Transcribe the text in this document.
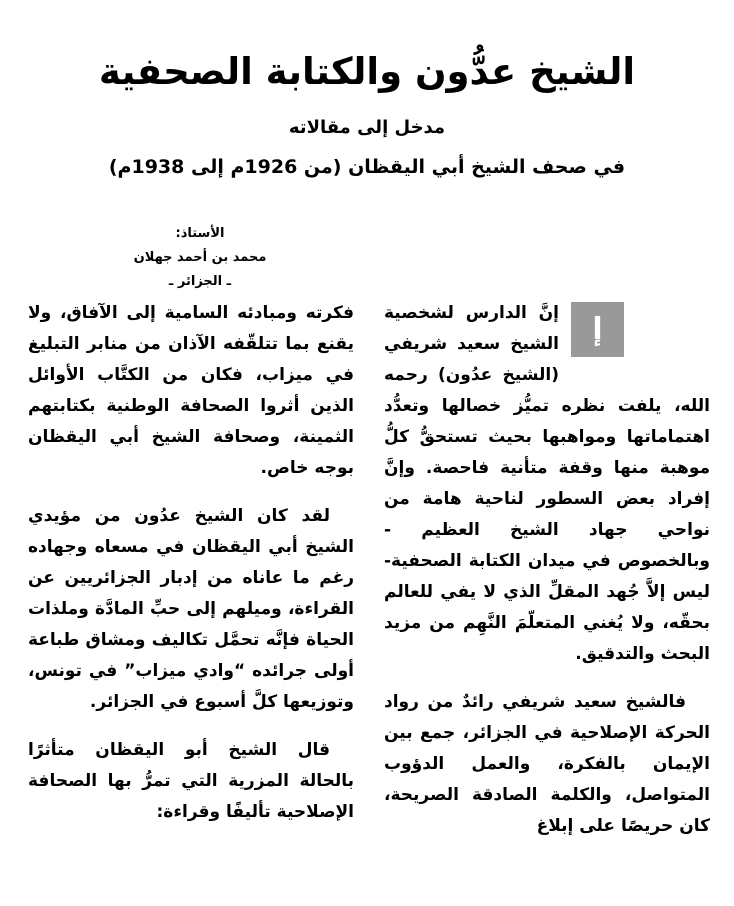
الشيخ عدُّون والكتابة الصحفية
مدخل إلى مقالاته
في صحف الشيخ أبي اليقظان (من 1926م إلى 1938م)
الأستاذ:
محمد بن أحمد جهلان
ـ الجزائر ـ

إ
إنَّ الدارس لشخصية الشيخ سعيد شريفي (الشيخ عدُون) رحمه الله، يلفت نظره تميُّز خصالها وتعدُّد اهتماماتها ومواهبها بحيث تستحقُّ كلُّ موهبة منها وقفة متأنية فاحصة. وإنَّ إفراد بعض السطور لناحية هامة من نواحي جهاد الشيخ العظيم - وبالخصوص في ميدان الكتابة الصحفية- ليس إلاَّ جُهد المقلِّ الذي لا يفي للعالم بحقّه، ولا يُغني المتعلّمَ النَّهِم من مزيد البحث والتدقيق.

فالشيخ سعيد شريفي رائدٌ من رواد الحركة الإصلاحية في الجزائر، جمع بين الإيمان بالفكرة، والعمل الدؤوب المتواصل، والكلمة الصادقة الصريحة، كان حريصًا على إبلاغ

فكرته ومبادئه السامية إلى الآفاق، ولا يقنع بما تتلقّفه الآذان من منابر التبليغ في ميزاب، فكان من الكتَّاب الأوائل الذين أثروا الصحافة الوطنية بكتابتهم الثمينة، وصحافة الشيخ أبي اليقظان بوجه خاص.

لقد كان الشيخ عدُون من مؤيدي الشيخ أبي اليقظان في مسعاه وجهاده رغم ما عاناه من إدبار الجزائريين عن القراءة، وميلهم إلى حبِّ المادَّة وملذات الحياة فإنَّه تحمَّل تكاليف ومشاق طباعة أولى جرائده “وادي ميزاب” في تونس، وتوزيعها كلَّ أسبوع في الجزائر.

قال الشيخ أبو اليقظان متأثرًا بالحالة المزرية التي تمرُّ بها الصحافة الإصلاحية تأليفًا وقراءة:
